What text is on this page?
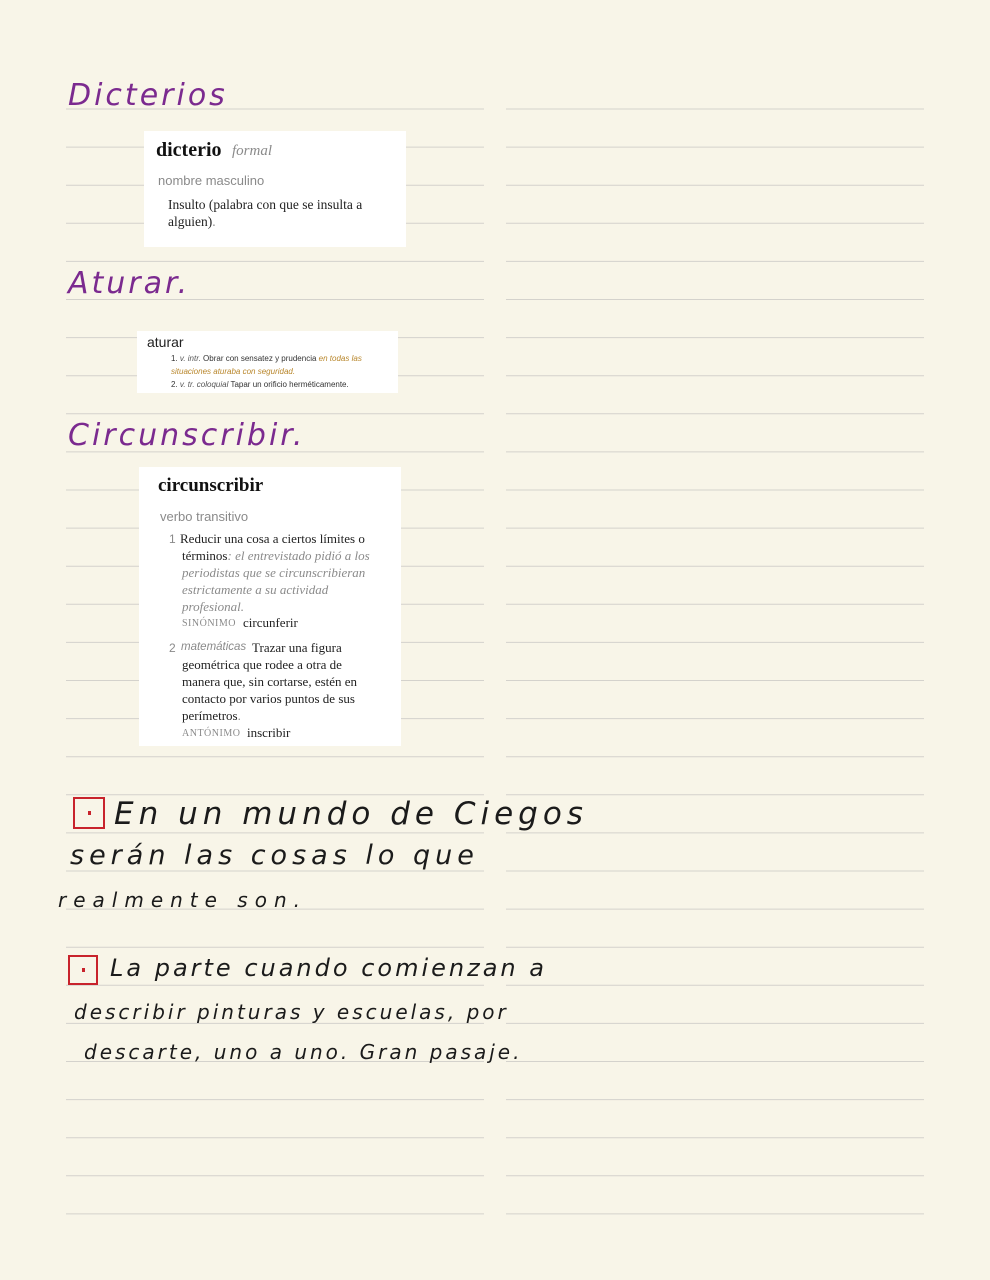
Dicterios
Aturar.
Circunscribir.
dicterio formal
nombre masculino
Insulto (palabra con que se insulta a
alguien).
aturar
1. v. intr. Obrar con sensatez y prudencia en todas las
situaciones aturaba con seguridad.
2. v. tr. coloquial Tapar un orificio herméticamente.
circunscribir
verbo transitivo
1 Reducir una cosa a ciertos límites o
términos: el entrevistado pidió a los
periodistas que se circunscribieran
estrictamente a su actividad
profesional.
SINÓNIMO circunferir
2 matemáticas Trazar una figura
geométrica que rodee a otra de
manera que, sin cortarse, estén en
contacto por varios puntos de sus
perímetros.
ANTÓNIMO inscribir
En un mundo de Ciegos
serán las cosas lo que
realmente son.
La parte cuando comienzan a
describir pinturas y escuelas, por
descarte, uno a uno. Gran pasaje.
